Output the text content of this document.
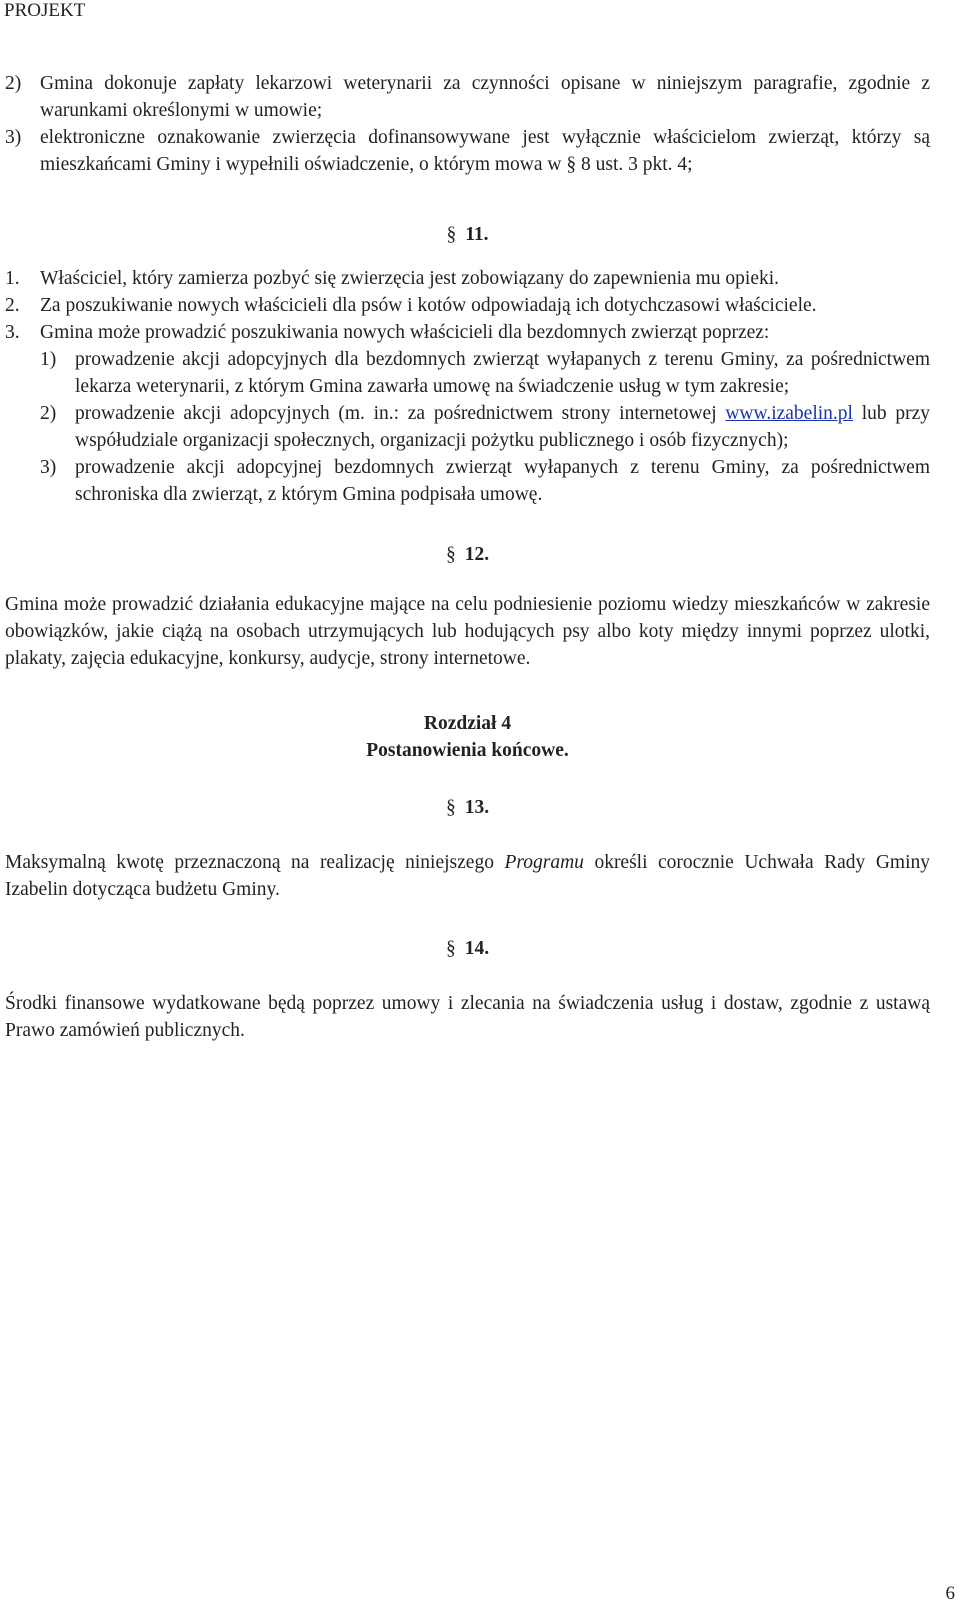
PROJEKT

2) Gmina dokonuje zapłaty lekarzowi weterynarii za czynności opisane w niniejszym paragrafie, zgodnie z warunkami określonymi w umowie;

3) elektroniczne oznakowanie zwierzęcia dofinansowywane jest wyłącznie właścicielom zwierząt, którzy są mieszkańcami Gminy i wypełnili oświadczenie, o którym mowa w § 8 ust. 3 pkt. 4;

§ 11.

1. Właściciel, który zamierza pozbyć się zwierzęcia jest zobowiązany do zapewnienia mu opieki.

2. Za poszukiwanie nowych właścicieli dla psów i kotów odpowiadają ich dotychczasowi właściciele.

3. Gmina może prowadzić poszukiwania nowych właścicieli dla bezdomnych zwierząt poprzez:

1) prowadzenie akcji adopcyjnych dla bezdomnych zwierząt wyłapanych z terenu Gminy, za pośrednictwem lekarza weterynarii, z którym Gmina zawarła umowę na świadczenie usług w tym zakresie;

2) prowadzenie akcji adopcyjnych (m. in.: za pośrednictwem strony internetowej www.izabelin.pl lub przy współudziale organizacji społecznych, organizacji pożytku publicznego i osób fizycznych);

3) prowadzenie akcji adopcyjnej bezdomnych zwierząt wyłapanych z terenu Gminy, za pośrednictwem schroniska dla zwierząt, z którym Gmina podpisała umowę.

§ 12.

Gmina może prowadzić działania edukacyjne mające na celu podniesienie poziomu wiedzy mieszkańców w zakresie obowiązków, jakie ciążą na osobach utrzymujących lub hodujących psy albo koty między innymi poprzez ulotki, plakaty, zajęcia edukacyjne, konkursy, audycje, strony internetowe.

Rozdział 4

Postanowienia końcowe.

§ 13.

Maksymalną kwotę przeznaczoną na realizację niniejszego Programu określi corocznie Uchwała Rady Gminy Izabelin dotycząca budżetu Gminy.

§ 14.

Środki finansowe wydatkowane będą poprzez umowy i zlecania na świadczenia usług i dostaw, zgodnie z ustawą Prawo zamówień publicznych.

6
